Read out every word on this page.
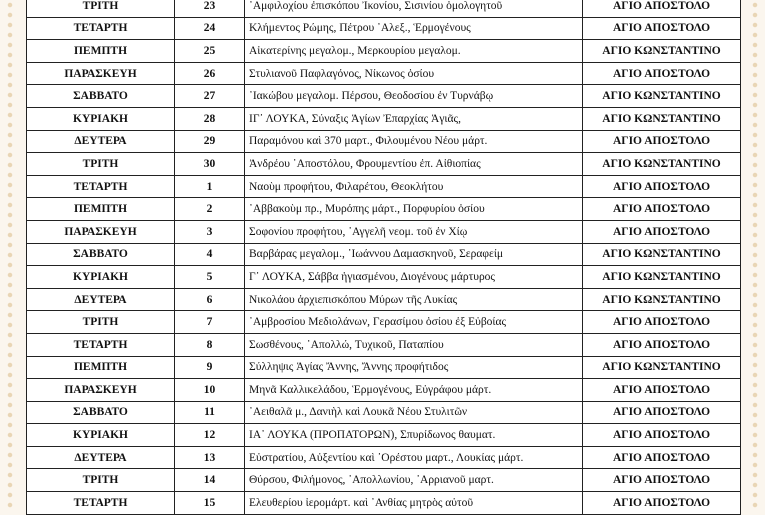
ΤΡΙΤΗ	23	᾿Αμφιλοχίου ἐπισκόπου Ἰκονίου, Σισινίου ὁμολογητοῦ	ΑΓΙΟ ΑΠΟΣΤΟΛΟ
ΤΕΤΑΡΤΗ	24	Κλήμεντος Ρώμης, Πέτρου ᾿Αλεξ., Ἑρμογένους	ΑΓΙΟ ΑΠΟΣΤΟΛΟ
ΠΕΜΠΤΗ	25	Αἰκατερίνης μεγαλομ., Μερκουρίου μεγαλομ.	ΑΓΙΟ ΚΩΝΣΤΑΝΤΙΝΟ
ΠΑΡΑΣΚΕΥΗ	26	Στυλιανοῦ Παφλαγόνος, Νίκωνος ὁσίου	ΑΓΙΟ ΑΠΟΣΤΟΛΟ
ΣΑΒΒΑΤΟ	27	᾿Ιακώβου μεγαλομ. Πέρσου, Θεοδοσίου ἐν Τυρνάβῳ	ΑΓΙΟ ΚΩΝΣΤΑΝΤΙΝΟ
ΚΥΡΙΑΚΗ	28	ΙΓ᾽ ΛΟΥΚΑ, Σύναξις Ἁγίων Ἐπαρχίας Ἁγιᾶς,	ΑΓΙΟ ΚΩΝΣΤΑΝΤΙΝΟ
ΔΕΥΤΕΡΑ	29	Παραμόνου καὶ 370 μαρτ., Φιλουμένου Νέου μάρτ.	ΑΓΙΟ ΑΠΟΣΤΟΛΟ
ΤΡΙΤΗ	30	Ἀνδρέου ᾿Αποστόλου, Φρουμεντίου ἐπ. Αἰθιοπίας	ΑΓΙΟ ΚΩΝΣΤΑΝΤΙΝΟ
ΤΕΤΑΡΤΗ	1	Ναοὺμ προφήτου, Φιλαρέτου, Θεοκλήτου	ΑΓΙΟ ΑΠΟΣΤΟΛΟ
ΠΕΜΠΤΗ	2	᾿Αββακοὺμ πρ., Μυρόπης μάρτ., Πορφυρίου ὁσίου	ΑΓΙΟ ΑΠΟΣΤΟΛΟ
ΠΑΡΑΣΚΕΥΗ	3	Σοφονίου προφήτου, ᾿Αγγελῆ νεομ. τοῦ ἐν Χίῳ	ΑΓΙΟ ΑΠΟΣΤΟΛΟ
ΣΑΒΒΑΤΟ	4	Βαρβάρας μεγαλομ., ᾿Ιωάννου Δαμασκηνοῦ, Σεραφείμ	ΑΓΙΟ ΚΩΝΣΤΑΝΤΙΝΟ
ΚΥΡΙΑΚΗ	5	Γ᾽ ΛΟΥΚΑ, Σάββα ἡγιασμένου, Διογένους μάρτυρος	ΑΓΙΟ ΚΩΝΣΤΑΝΤΙΝΟ
ΔΕΥΤΕΡΑ	6	Νικολάου ἀρχιεπισκόπου Μύρων τῆς Λυκίας	ΑΓΙΟ ΚΩΝΣΤΑΝΤΙΝΟ
ΤΡΙΤΗ	7	᾿Αμβροσίου Μεδιολάνων, Γερασίμου ὁσίου ἐξ Εὐβοίας	ΑΓΙΟ ΑΠΟΣΤΟΛΟ
ΤΕΤΑΡΤΗ	8	Σωσθένους, ᾿Απολλώ, Τυχικοῦ, Παταπίου	ΑΓΙΟ ΑΠΟΣΤΟΛΟ
ΠΕΜΠΤΗ	9	Σύλληψις Ἁγίας Ἄννης, Ἄννης προφήτιδος	ΑΓΙΟ ΚΩΝΣΤΑΝΤΙΝΟ
ΠΑΡΑΣΚΕΥΗ	10	Μηνᾶ Καλλικελάδου, Ἑρμογένους, Εὐγράφου μάρτ.	ΑΓΙΟ ΑΠΟΣΤΟΛΟ
ΣΑΒΒΑΤΟ	11	᾿Αειθαλᾶ μ., Δανιὴλ καὶ Λουκᾶ Νέου Στυλιτῶν	ΑΓΙΟ ΑΠΟΣΤΟΛΟ
ΚΥΡΙΑΚΗ	12	ΙΑ᾽ ΛΟΥΚΑ (ΠΡΟΠΑΤΟΡΩΝ), Σπυρίδωνος θαυματ.	ΑΓΙΟ ΑΠΟΣΤΟΛΟ
ΔΕΥΤΕΡΑ	13	Εὐστρατίου, Αὐξεντίου καὶ ᾿Ορέστου μαρτ., Λουκίας μάρτ.	ΑΓΙΟ ΑΠΟΣΤΟΛΟ
ΤΡΙΤΗ	14	Θύρσου, Φιλήμονος, ᾿Απολλωνίου, ᾿Αρριανοῦ μαρτ.	ΑΓΙΟ ΑΠΟΣΤΟΛΟ
ΤΕΤΑΡΤΗ	15	Ελευθερίου ἱερομάρτ. καὶ ᾿Ανθίας μητρὸς αὐτοῦ	ΑΓΙΟ ΑΠΟΣΤΟΛΟ
